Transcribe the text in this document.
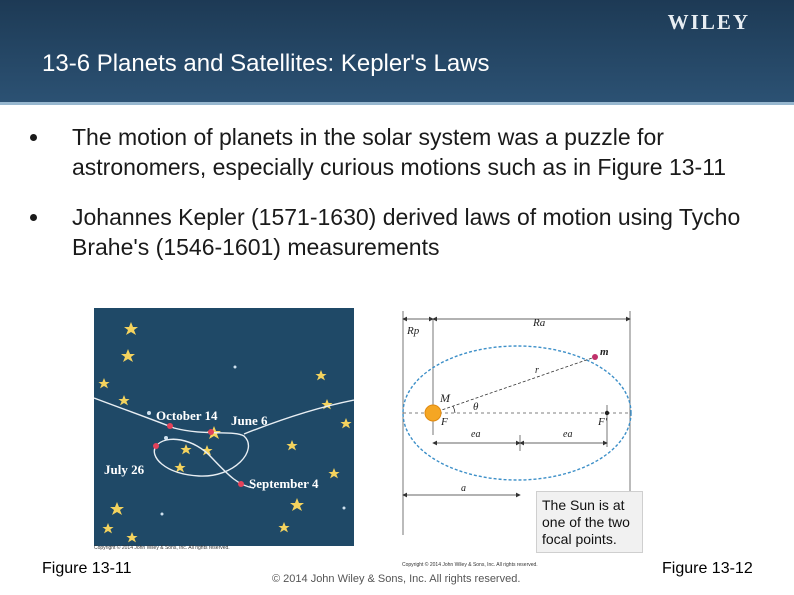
WILEY
13-6 Planets and Satellites: Kepler's Laws
The motion of planets in the solar system was a puzzle for astronomers, especially curious motions such as in Figure 13-11
Johannes Kepler (1571-1630) derived laws of motion using Tycho Brahe's (1546-1601) measurements
October 14 June 6
July 26
September 4
Copyright © 2014 John Wiley & Sons, Inc. All rights reserved.
Figure 13-11
Rp
Ra
m
r
M
θ
F	F′
ea	ea
a
The Sun is at one of the two focal points.
Copyright © 2014 John Wiley & Sons, Inc. All rights reserved.
© 2014 John Wiley & Sons, Inc. All rights reserved.
Figure 13-12
